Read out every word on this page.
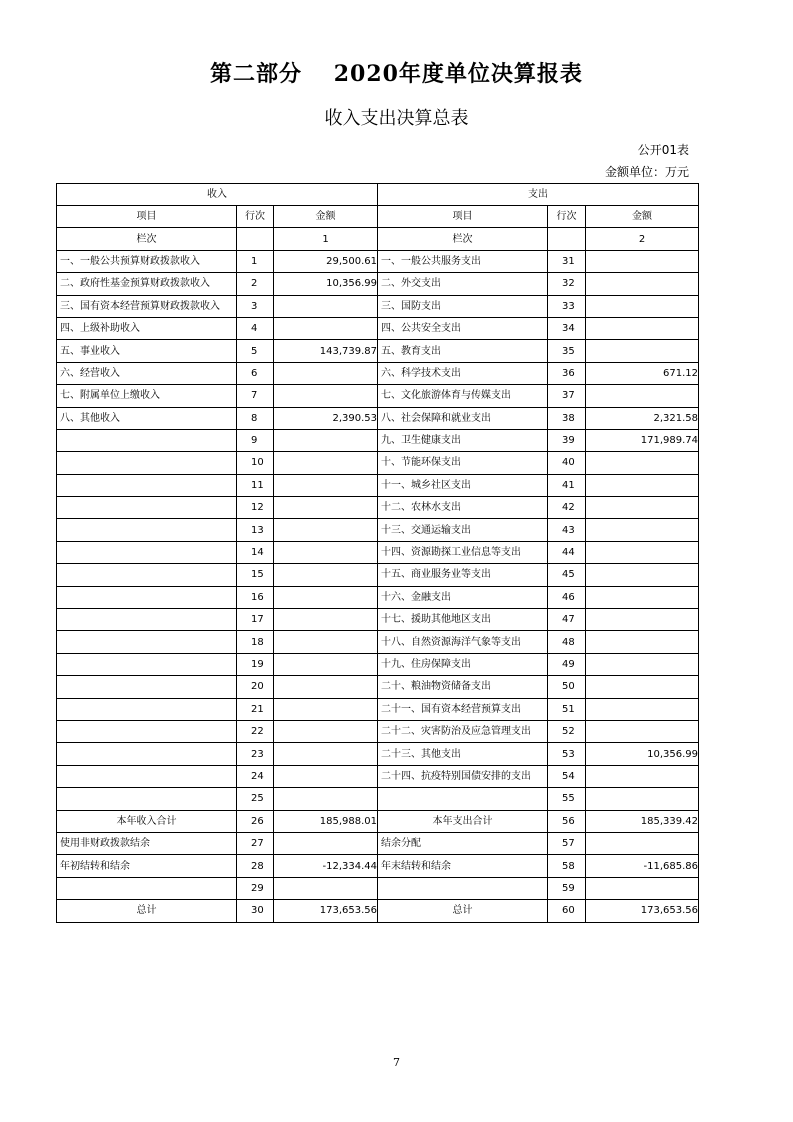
第二部分　 2020年度单位决算报表
收入支出决算总表
公开01表
金额单位：万元
收入			支出		
项目	行次	金额	项目	行次	金额
栏次		1	栏次		2
一、一般公共预算财政拨款收入	1	29,500.61	一、一般公共服务支出	31	
二、政府性基金预算财政拨款收入	2	10,356.99	二、外交支出	32	
三、国有资本经营预算财政拨款收入	3		三、国防支出	33	
四、上级补助收入	4		四、公共安全支出	34	
五、事业收入	5	143,739.87	五、教育支出	35	
六、经营收入	6		六、科学技术支出	36	671.12
七、附属单位上缴收入	7		七、文化旅游体育与传媒支出	37	
八、其他收入	8	2,390.53	八、社会保障和就业支出	38	2,321.58
	9		九、卫生健康支出	39	171,989.74
	10		十、节能环保支出	40	
	11		十一、城乡社区支出	41	
	12		十二、农林水支出	42	
	13		十三、交通运输支出	43	
	14		十四、资源勘探工业信息等支出	44	
	15		十五、商业服务业等支出	45	
	16		十六、金融支出	46	
	17		十七、援助其他地区支出	47	
	18		十八、自然资源海洋气象等支出	48	
	19		十九、住房保障支出	49	
	20		二十、粮油物资储备支出	50	
	21		二十一、国有资本经营预算支出	51	
	22		二十二、灾害防治及应急管理支出	52	
	23		二十三、其他支出	53	10,356.99
	24		二十四、抗疫特别国债安排的支出	54	
	25			55	
本年收入合计	26	185,988.01	本年支出合计	56	185,339.42
使用非财政拨款结余	27		结余分配	57	
年初结转和结余	28	-12,334.44	年末结转和结余	58	-11,685.86
	29			59	
总计	30	173,653.56	总计	60	173,653.56
7
